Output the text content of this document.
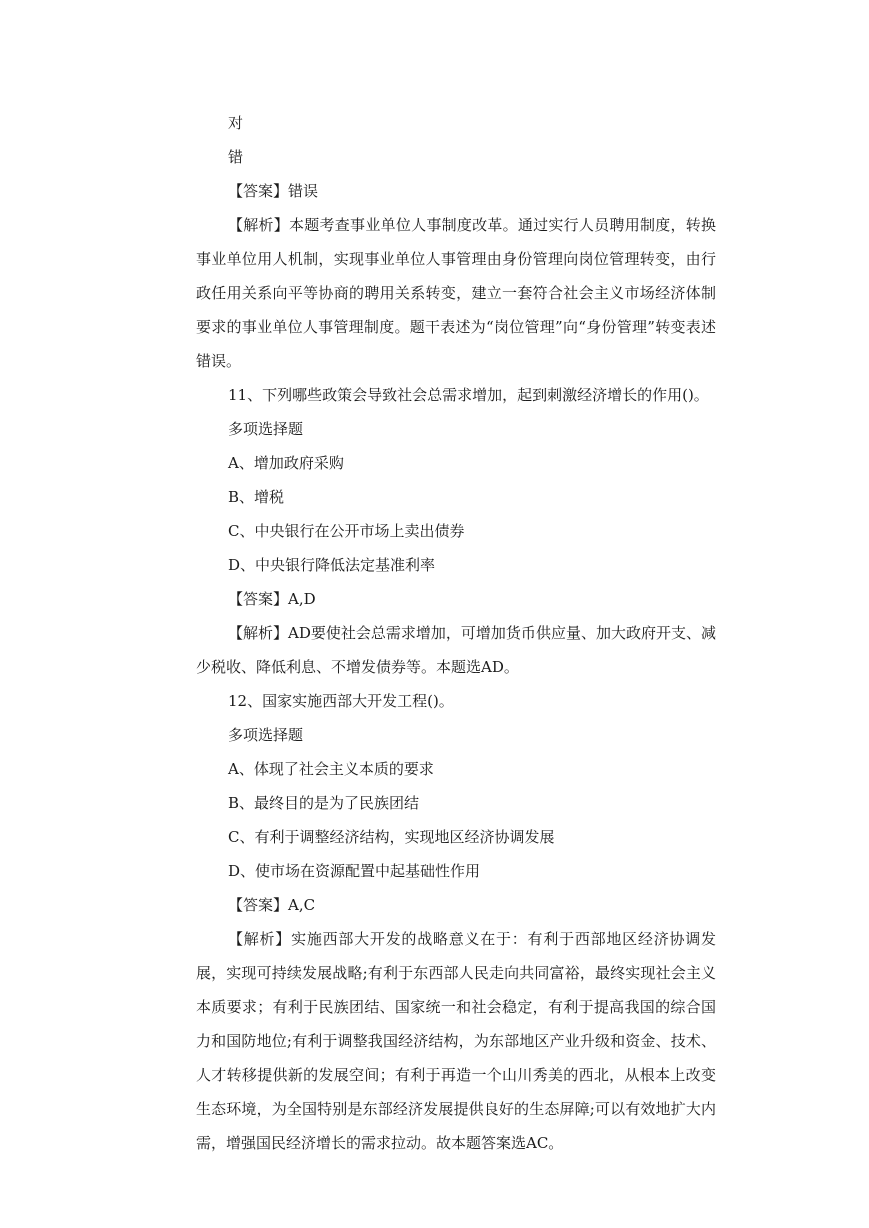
对
错
【答案】错误

【解析】本题考查事业单位人事制度改革。通过实行人员聘用制度，转换事业单位用人机制，实现事业单位人事管理由身份管理向岗位管理转变，由行政任用关系向平等协商的聘用关系转变，建立一套符合社会主义市场经济体制要求的事业单位人事管理制度。题干表述为“岗位管理”向“身份管理”转变表述错误。

11、下列哪些政策会导致社会总需求增加，起到刺激经济增长的作用()。
多项选择题
A、增加政府采购
B、增税
C、中央银行在公开市场上卖出债券
D、中央银行降低法定基准利率
【答案】A,D

【解析】AD要使社会总需求增加，可增加货币供应量、加大政府开支、减少税收、降低利息、不增发债券等。本题选AD。

12、国家实施西部大开发工程()。
多项选择题
A、体现了社会主义本质的要求
B、最终目的是为了民族团结
C、有利于调整经济结构，实现地区经济协调发展
D、使市场在资源配置中起基础性作用
【答案】A,C

【解析】实施西部大开发的战略意义在于：有利于西部地区经济协调发展，实现可持续发展战略;有利于东西部人民走向共同富裕，最终实现社会主义本质要求；有利于民族团结、国家统一和社会稳定，有利于提高我国的综合国力和国防地位;有利于调整我国经济结构，为东部地区产业升级和资金、技术、人才转移提供新的发展空间；有利于再造一个山川秀美的西北，从根本上改变生态环境，为全国特别是东部经济发展提供良好的生态屏障;可以有效地扩大内需，增强国民经济增长的需求拉动。故本题答案选AC。
